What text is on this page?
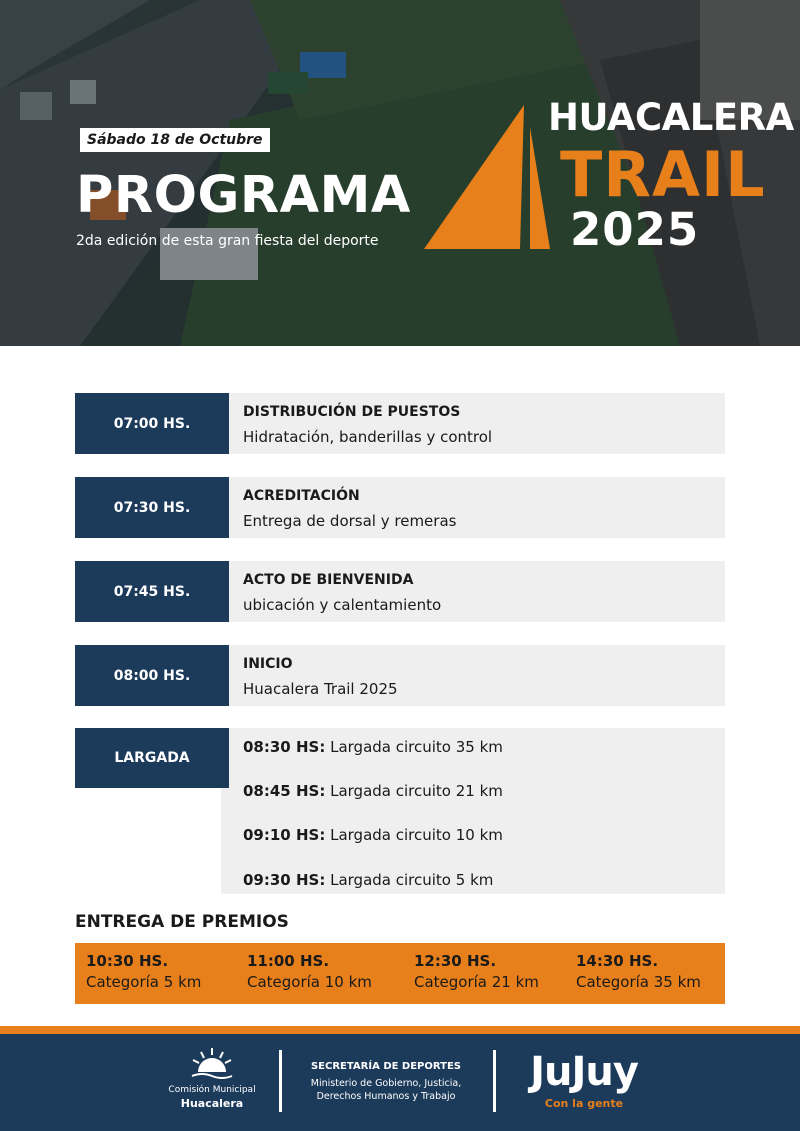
Sábado 18 de Octubre
PROGRAMA
2da edición de esta gran fiesta del deporte
HUACALERA
TRAIL
2025
07:00 HS.
DISTRIBUCIÓN DE PUESTOS
Hidratación, banderillas y control
07:30 HS.
ACREDITACIÓN
Entrega de dorsal y remeras
07:45 HS.
ACTO DE BIENVENIDA
ubicación y calentamiento
08:00 HS.
INICIO
Huacalera Trail 2025
LARGADA
08:30 HS: Largada circuito 35 km
08:45 HS: Largada circuito 21 km
09:10 HS: Largada circuito 10 km
09:30 HS: Largada circuito 5 km
ENTREGA DE PREMIOS
10:30 HS.
Categoría 5 km
11:00 HS.
Categoría 10 km
12:30 HS.
Categoría 21 km
14:30 HS.
Categoría 35 km
Comisión Municipal
Huacalera
SECRETARÍA DE DEPORTES
Ministerio de Gobierno, Justicia,
Derechos Humanos y Trabajo
JuJuy
Con la gente
